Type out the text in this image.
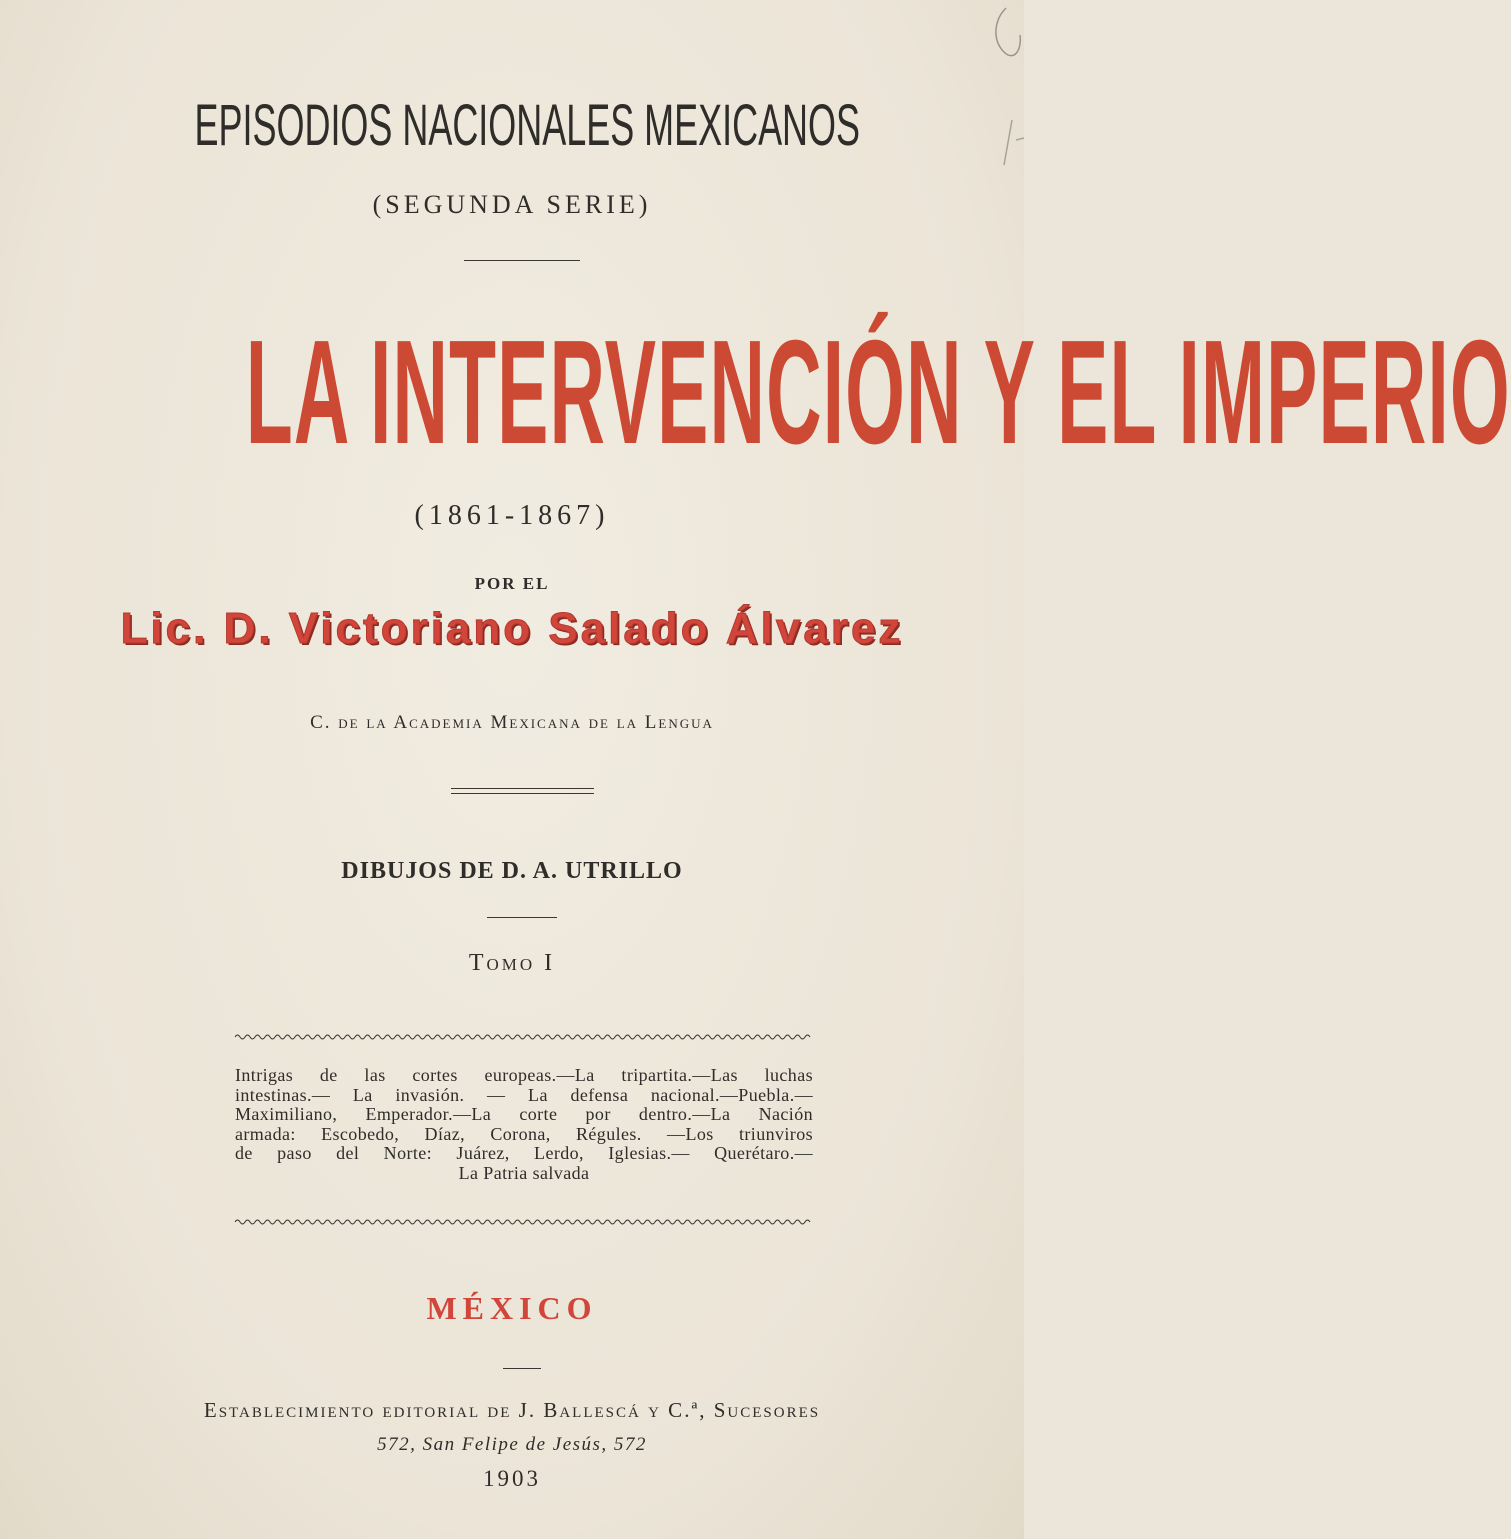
EPISODIOS NACIONALES MEXICANOS
(SEGUNDA SERIE)
LA INTERVENCIÓN Y EL IMPERIO
(1861-1867)
POR EL
Lic. D. Victoriano Salado Álvarez
C. de la Academia Mexicana de la Lengua
DIBUJOS DE D. A. UTRILLO
Tomo I
Intrigas de las cortes europeas.—La tripartita.—Las luchas
intestinas.— La invasión. — La defensa nacional.—Puebla.—
Maximiliano, Emperador.—La corte por dentro.—La Nación
armada: Escobedo, Díaz, Corona, Régules. —Los triunviros
de paso del Norte: Juárez, Lerdo, Iglesias.— Querétaro.—
La Patria salvada
MÉXICO
Establecimiento editorial de J. Ballescá y C.ª, Sucesores
572, San Felipe de Jesús, 572
1903
